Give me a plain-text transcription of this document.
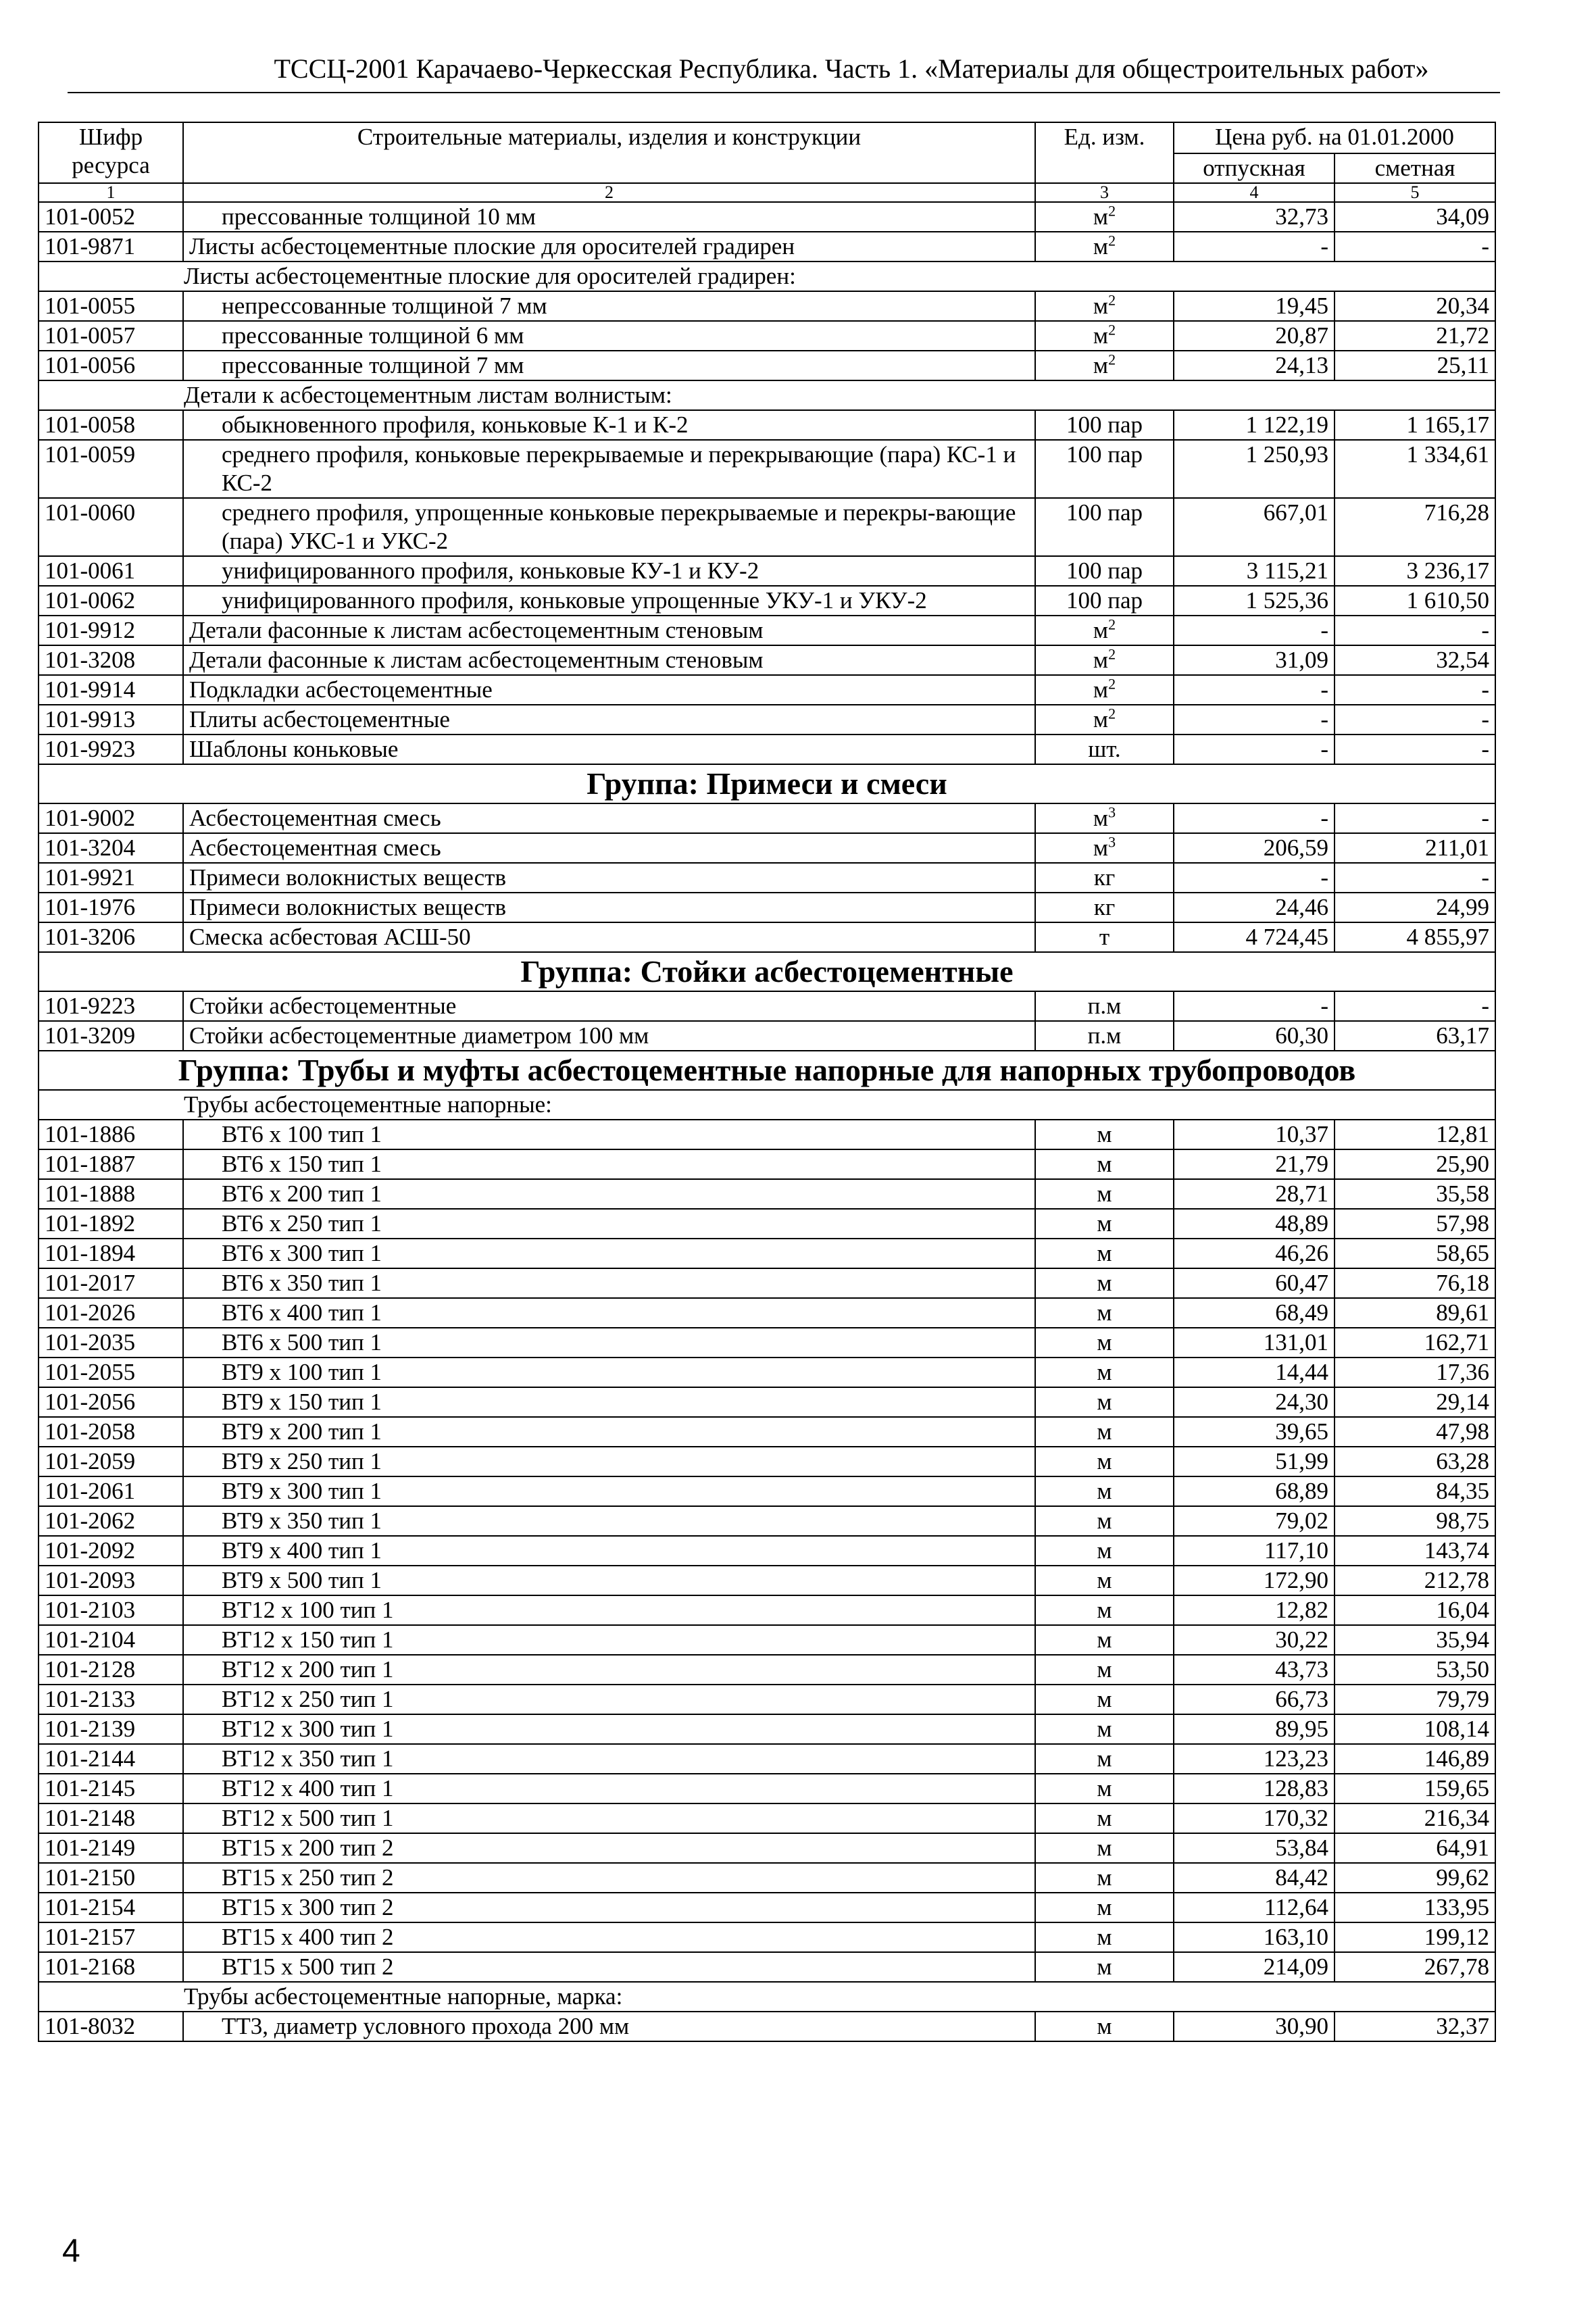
ТССЦ-2001 Карачаево-Черкесская Республика. Часть 1. «Материалы для общестроительных работ»
Шифр ресурса	Строительные материалы, изделия и конструкции	Ед. изм.	Цена руб. на 01.01.2000	
			отпускная	сметная
1	2	3	4	5
101-0052	прессованные толщиной 10 мм	$м^2$	32,73	34,09
101-9871	Листы асбестоцементные плоские для оросителей градирен	$м^2$	-	-
Листы асбестоцементные плоские для оросителей градирен:				
101-0055	непрессованные толщиной 7 мм	$м^2$	19,45	20,34
101-0057	прессованные толщиной 6 мм	$м^2$	20,87	21,72
101-0056	прессованные толщиной 7 мм	$м^2$	24,13	25,11
Детали к асбестоцементным листам волнистым:				
101-0058	обыкновенного профиля, коньковые К-1 и К-2	100 пар	1 122,19	1 165,17
101-0059	среднего профиля, коньковые перекрываемые и перекрывающие (пара) КС-1 и КС-2	100 пар	1 250,93	1 334,61
101-0060	среднего профиля, упрощенные коньковые перекрываемые и перекры-вающие (пара) УКС-1 и УКС-2	100 пар	667,01	716,28
101-0061	унифицированного профиля, коньковые КУ-1 и КУ-2	100 пар	3 115,21	3 236,17
101-0062	унифицированного профиля, коньковые упрощенные УКУ-1 и УКУ-2	100 пар	1 525,36	1 610,50
101-9912	Детали фасонные к листам асбестоцементным стеновым	$м^2$	-	-
101-3208	Детали фасонные к листам асбестоцементным стеновым	$м^2$	31,09	32,54
101-9914	Подкладки асбестоцементные	$м^2$	-	-
101-9913	Плиты асбестоцементные	$м^2$	-	-
101-9923	Шаблоны коньковые	шт.	-	-
Группа: Примеси и смеси				
101-9002	Асбестоцементная смесь	$м^3$	-	-
101-3204	Асбестоцементная смесь	$м^3$	206,59	211,01
101-9921	Примеси волокнистых веществ	кг	-	-
101-1976	Примеси волокнистых веществ	кг	24,46	24,99
101-3206	Смеска асбестовая АСШ-50	т	4 724,45	4 855,97
Группа: Стойки асбестоцементные				
101-9223	Стойки асбестоцементные	п.м	-	-
101-3209	Стойки асбестоцементные диаметром 100 мм	п.м	60,30	63,17
Группа: Трубы и муфты асбестоцементные напорные для напорных трубопроводов				
Трубы асбестоцементные напорные:				
101-1886	ВТ6 х 100 тип 1	м	10,37	12,81
101-1887	ВТ6 х 150 тип 1	м	21,79	25,90
101-1888	ВТ6 х 200 тип 1	м	28,71	35,58
101-1892	ВТ6 х 250 тип 1	м	48,89	57,98
101-1894	ВТ6 х 300 тип 1	м	46,26	58,65
101-2017	ВТ6 х 350 тип 1	м	60,47	76,18
101-2026	ВТ6 х 400 тип 1	м	68,49	89,61
101-2035	ВТ6 х 500 тип 1	м	131,01	162,71
101-2055	ВТ9 х 100 тип 1	м	14,44	17,36
101-2056	ВТ9 х 150 тип 1	м	24,30	29,14
101-2058	ВТ9 х 200 тип 1	м	39,65	47,98
101-2059	ВТ9 х 250 тип 1	м	51,99	63,28
101-2061	ВТ9 х 300 тип 1	м	68,89	84,35
101-2062	ВТ9 х 350 тип 1	м	79,02	98,75
101-2092	ВТ9 х 400 тип 1	м	117,10	143,74
101-2093	ВТ9 х 500 тип 1	м	172,90	212,78
101-2103	ВТ12 х 100 тип 1	м	12,82	16,04
101-2104	ВТ12 х 150 тип 1	м	30,22	35,94
101-2128	ВТ12 х 200 тип 1	м	43,73	53,50
101-2133	ВТ12 х 250 тип 1	м	66,73	79,79
101-2139	ВТ12 х 300 тип 1	м	89,95	108,14
101-2144	ВТ12 х 350 тип 1	м	123,23	146,89
101-2145	ВТ12 х 400 тип 1	м	128,83	159,65
101-2148	ВТ12 х 500 тип 1	м	170,32	216,34
101-2149	ВТ15 х 200 тип 2	м	53,84	64,91
101-2150	ВТ15 х 250 тип 2	м	84,42	99,62
101-2154	ВТ15 х 300 тип 2	м	112,64	133,95
101-2157	ВТ15 х 400 тип 2	м	163,10	199,12
101-2168	ВТ15 х 500 тип 2	м	214,09	267,78
Трубы асбестоцементные напорные, марка:				
101-8032	ТТ3, диаметр условного прохода 200 мм	м	30,90	32,37
4
